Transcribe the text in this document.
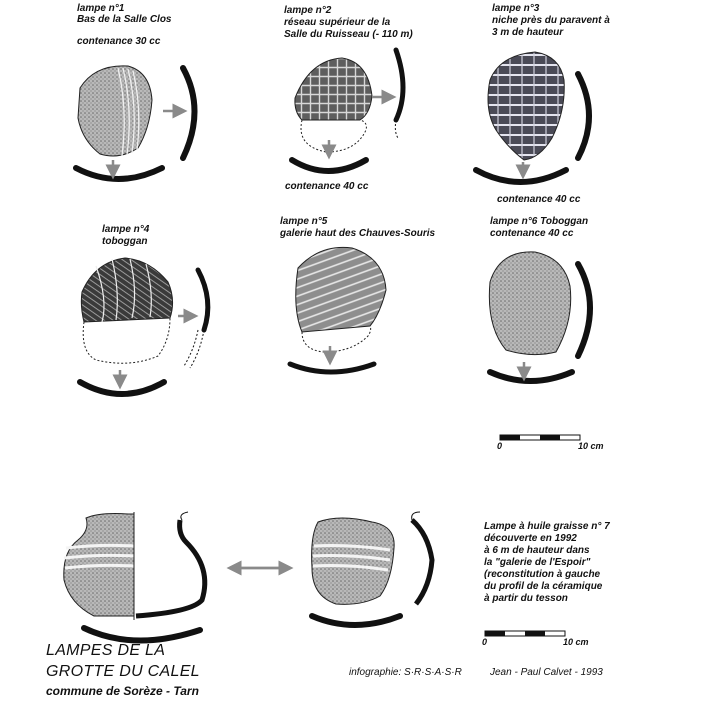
lampe n°1
Bas de la Salle Clos
contenance 30 cc
lampe n°2
réseau supérieur de la
Salle du Ruisseau (- 110 m)
contenance 40 cc
lampe n°3
niche près du paravent à
3 m de hauteur
contenance 40 cc
lampe n°4
toboggan
lampe n°5
galerie haut des Chauves-Souris
lampe n°6 Toboggan
contenance 40 cc
0	10 cm
0	10 cm
Lampe à huile graisse n° 7
découverte en 1992
à 6 m de hauteur dans
la "galerie de l'Espoir"
(reconstitution à gauche
du profil de la céramique
à partir du tesson
LAMPES DE LA
GROTTE DU CALEL
commune de Sorèze - Tarn
infographie: S·R·S·A·S·R	Jean - Paul Calvet - 1993
